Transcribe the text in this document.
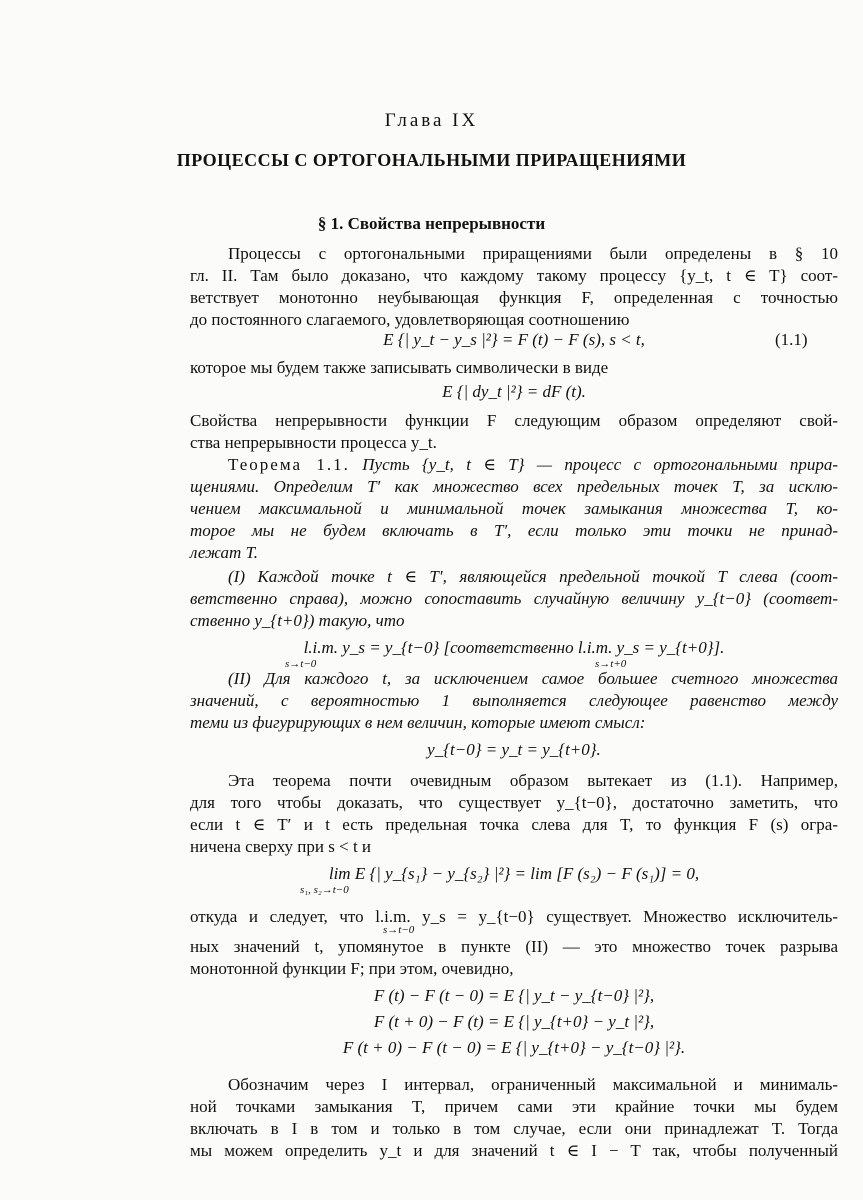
Глава IX
ПРОЦЕССЫ С ОРТОГОНАЛЬНЫМИ ПРИРАЩЕНИЯМИ
§ 1. Свойства непрерывности
Процессы с ортогональными приращениями были определены в § 10
гл. II. Там было доказано, что каждому такому процессу {y_t, t ∈ T} соот-
ветствует монотонно неубывающая функция F, определенная с точностью
до постоянного слагаемого, удовлетворяющая соотношению
E {| y_t − y_s |²} = F (t) − F (s), s < t,	(1.1)
которое мы будем также записывать символически в виде
E {| dy_t |²} = dF (t).
Свойства непрерывности функции F следующим образом определяют свой-
ства непрерывности процесса y_t.
Теорема 1.1. Пусть {y_t, t ∈ T} — процесс с ортогональными прира-
щениями. Определим T′ как множество всех предельных точек T, за исклю-
чением максимальной и минимальной точек замыкания множества T, ко-
торое мы не будем включать в T′, если только эти точки не принад-
лежат T.
(I) Каждой точке t ∈ T′, являющейся предельной точкой T слева (соот-
ветственно справа), можно сопоставить случайную величину y_{t−0} (соответ-
ственно y_{t+0}) такую, что
l.i.m. y_s = y_{t−0} [соответственно l.i.m. y_s = y_{t+0}].
s→t−0	s→t+0
(II) Для каждого t, за исключением самое большее счетного множества
значений, с вероятностью 1 выполняется следующее равенство между
теми из фигурирующих в нем величин, которые имеют смысл:
y_{t−0} = y_t = y_{t+0}.
Эта теорема почти очевидным образом вытекает из (1.1). Например,
для того чтобы доказать, что существует y_{t−0}, достаточно заметить, что
если t ∈ T′ и t есть предельная точка слева для T, то функция F (s) огра-
ничена сверху при s < t и
lim E {| y_{s₁} − y_{s₂} |²} = lim [F (s₂) − F (s₁)] = 0,
s₁, s₂→t−0
откуда и следует, что l.i.m. y_s = y_{t−0} существует. Множество исключитель-
s→t−0
ных значений t, упомянутое в пункте (II) — это множество точек разрыва
монотонной функции F; при этом, очевидно,
F (t) − F (t − 0) = E {| y_t − y_{t−0} |²},
F (t + 0) − F (t) = E {| y_{t+0} − y_t |²},
F (t + 0) − F (t − 0) = E {| y_{t+0} − y_{t−0} |²}.
Обозначим через I интервал, ограниченный максимальной и минималь-
ной точками замыкания T, причем сами эти крайние точки мы будем
включать в I в том и только в том случае, если они принадлежат T. Тогда
мы можем определить y_t и для значений t ∈ I − T так, чтобы полученный
